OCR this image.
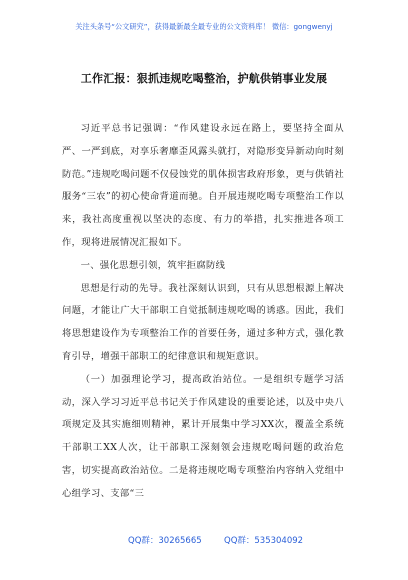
关注头条号“公文研究”，获得最新最全最专业的公文资料库！ 微信：gongwenyj
工作汇报：狠抓违规吃喝整治，护航供销事业发展

习近平总书记强调：“作风建设永远在路上，要坚持全面从严、一严到底，对享乐奢靡歪风露头就打，对隐形变异新动向时刻防范。”违规吃喝问题不仅侵蚀党的肌体损害政府形象，更与供销社服务“三农”的初心使命背道而驰。自开展违规吃喝专项整治工作以来，我社高度重视以坚决的态度、有力的举措，扎实推进各项工作，现将进展情况汇报如下。

一、强化思想引领，筑牢拒腐防线

思想是行动的先导。我社深刻认识到，只有从思想根源上解决问题，才能让广大干部职工自觉抵制违规吃喝的诱惑。因此，我们将思想建设作为专项整治工作的首要任务，通过多种方式，强化教育引导，增强干部职工的纪律意识和规矩意识。

（一）加强理论学习，提高政治站位。一是组织专题学习活动，深入学习习近平总书记关于作风建设的重要论述，以及中央八项规定及其实施细则精神，累计开展集中学习XX次，覆盖全系统干部职工XX人次，让干部职工深刻领会违规吃喝问题的政治危害，切实提高政治站位。二是将违规吃喝专项整治内容纳入党组中心组学习、支部“三

QQ群：30265665	QQ群：535304092
